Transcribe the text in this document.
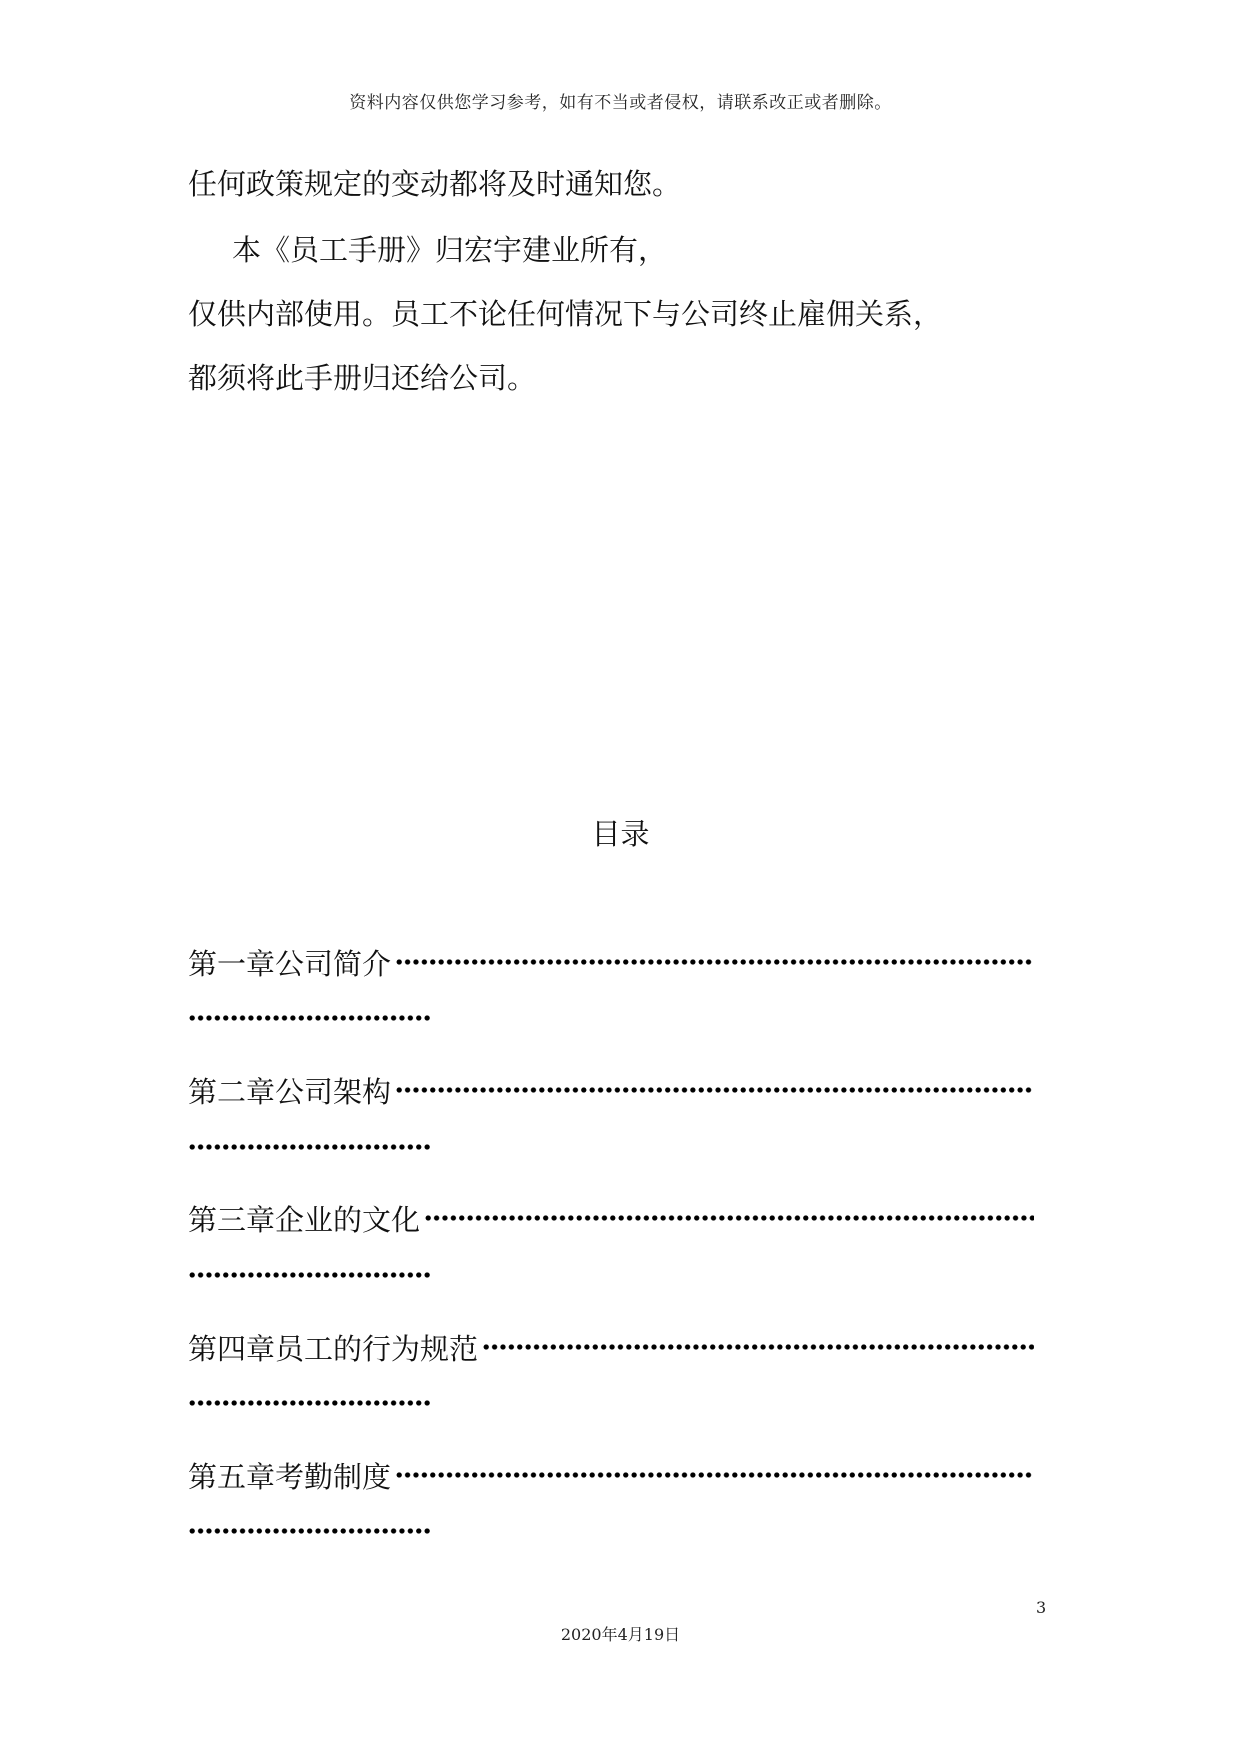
资料内容仅供您学习参考，如有不当或者侵权，请联系改正或者删除。
任何政策规定的变动都将及时通知您。
本《员工手册》归宏宇建业所有，
仅供内部使用。员工不论任何情况下与公司终止雇佣关系，
都须将此手册归还给公司。
目录
第一章公司简介
第二章公司架构
第三章企业的文化
第四章员工的行为规范
第五章考勤制度
3
2020年4月19日
